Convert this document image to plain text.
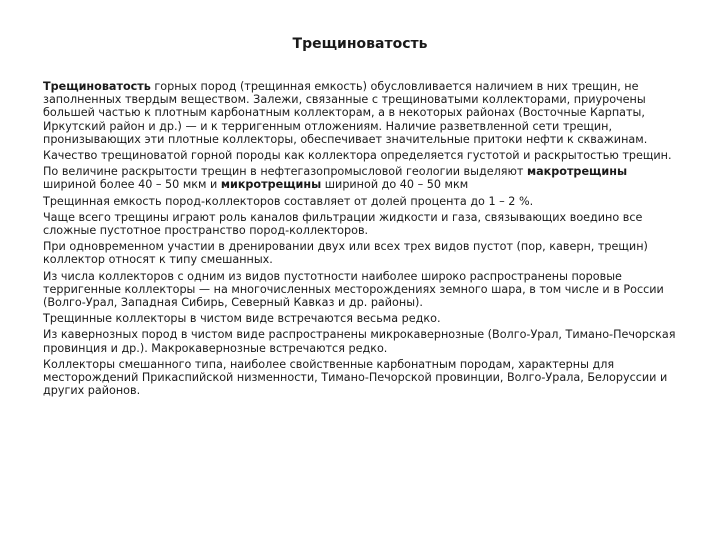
Трещиноватость

Трещиноватость горных пород (трещинная емкость) обусловливается наличием в них трещин, не заполненных твердым веществом. Залежи, связанные с трещиноватыми коллекторами, приурочены большей частью к плотным карбонатным коллекторам, а в некоторых районах (Восточные Карпаты, Иркутский район и др.) — и к терригенным отложениям. Наличие разветвленной сети трещин, пронизывающих эти плотные коллекторы, обеспечивает значительные притоки нефти к скважинам.

Качество трещиноватой горной породы как коллектора определяется густотой и раскрытостью трещин.

По величине раскрытости трещин в нефтегазопромысловой геологии выделяют макротрещины шириной более 40 – 50 мкм и микротрещины шириной до 40 – 50 мкм

Трещинная емкость пород-коллекторов составляет от долей процента до 1 – 2 %.

Чаще всего трещины играют роль каналов фильтрации жидкости и газа, связывающих воедино все сложные пустотное пространство пород-коллекторов.

При одновременном участии в дренировании двух или всех трех видов пустот (пор, каверн, трещин) коллектор относят к типу смешанных.

Из числа коллекторов с одним из видов пустотности наиболее широко распространены поровые терригенные коллекторы — на многочисленных месторождениях земного шара, в том числе и в России (Волго-Урал, Западная Сибирь, Северный Кавказ и др. районы).

Трещинные коллекторы в чистом виде встречаются весьма редко.

Из кавернозных пород в чистом виде распространены микрокавернозные (Волго-Урал, Тимано-Печорская провинция и др.). Макрокавернозные встречаются редко.

Коллекторы смешанного типа, наиболее свойственные карбонатным породам, характерны для месторождений Прикаспийской низменности, Тимано-Печорской провинции, Волго-Урала, Белоруссии и других районов.
